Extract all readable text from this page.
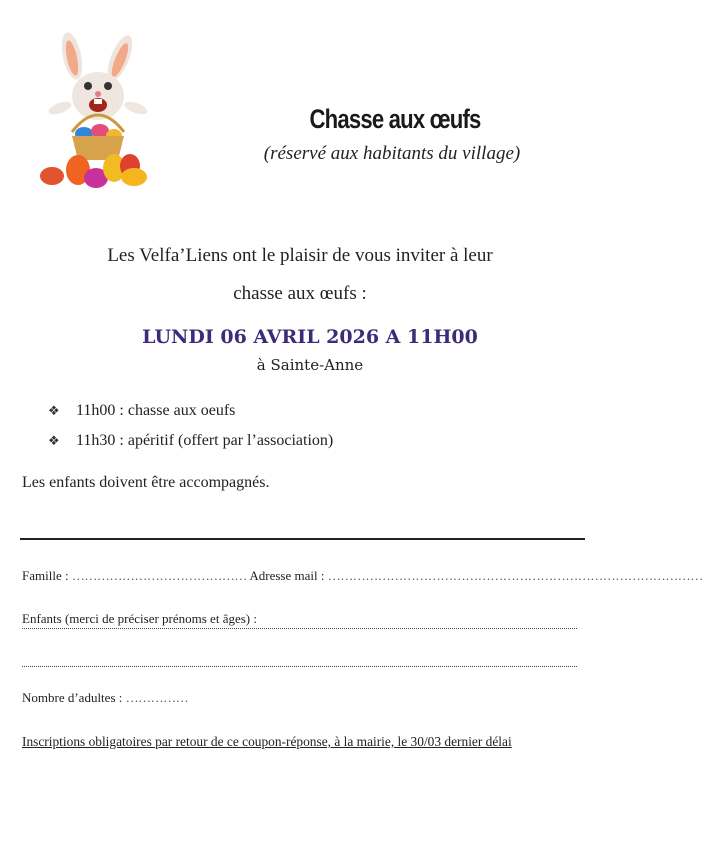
Chasse aux œufs
(réservé aux habitants du village)
Les Velfa’Liens ont le plaisir de vous inviter à leur
chasse aux œufs :
LUNDI 06 AVRIL 2026 A 11H00
à Sainte-Anne
❖	11h00 : chasse aux oeufs
❖	11h30 : apéritif (offert par l’association)
Les enfants doivent être accompagnés.
Famille : …………………………………… Adresse mail : ………………………………………………………………………………
Enfants (merci de préciser prénoms et âges) :
Nombre d’adultes : ……………
Inscriptions obligatoires par retour de ce coupon-réponse, à la mairie, le 30/03 dernier délai
